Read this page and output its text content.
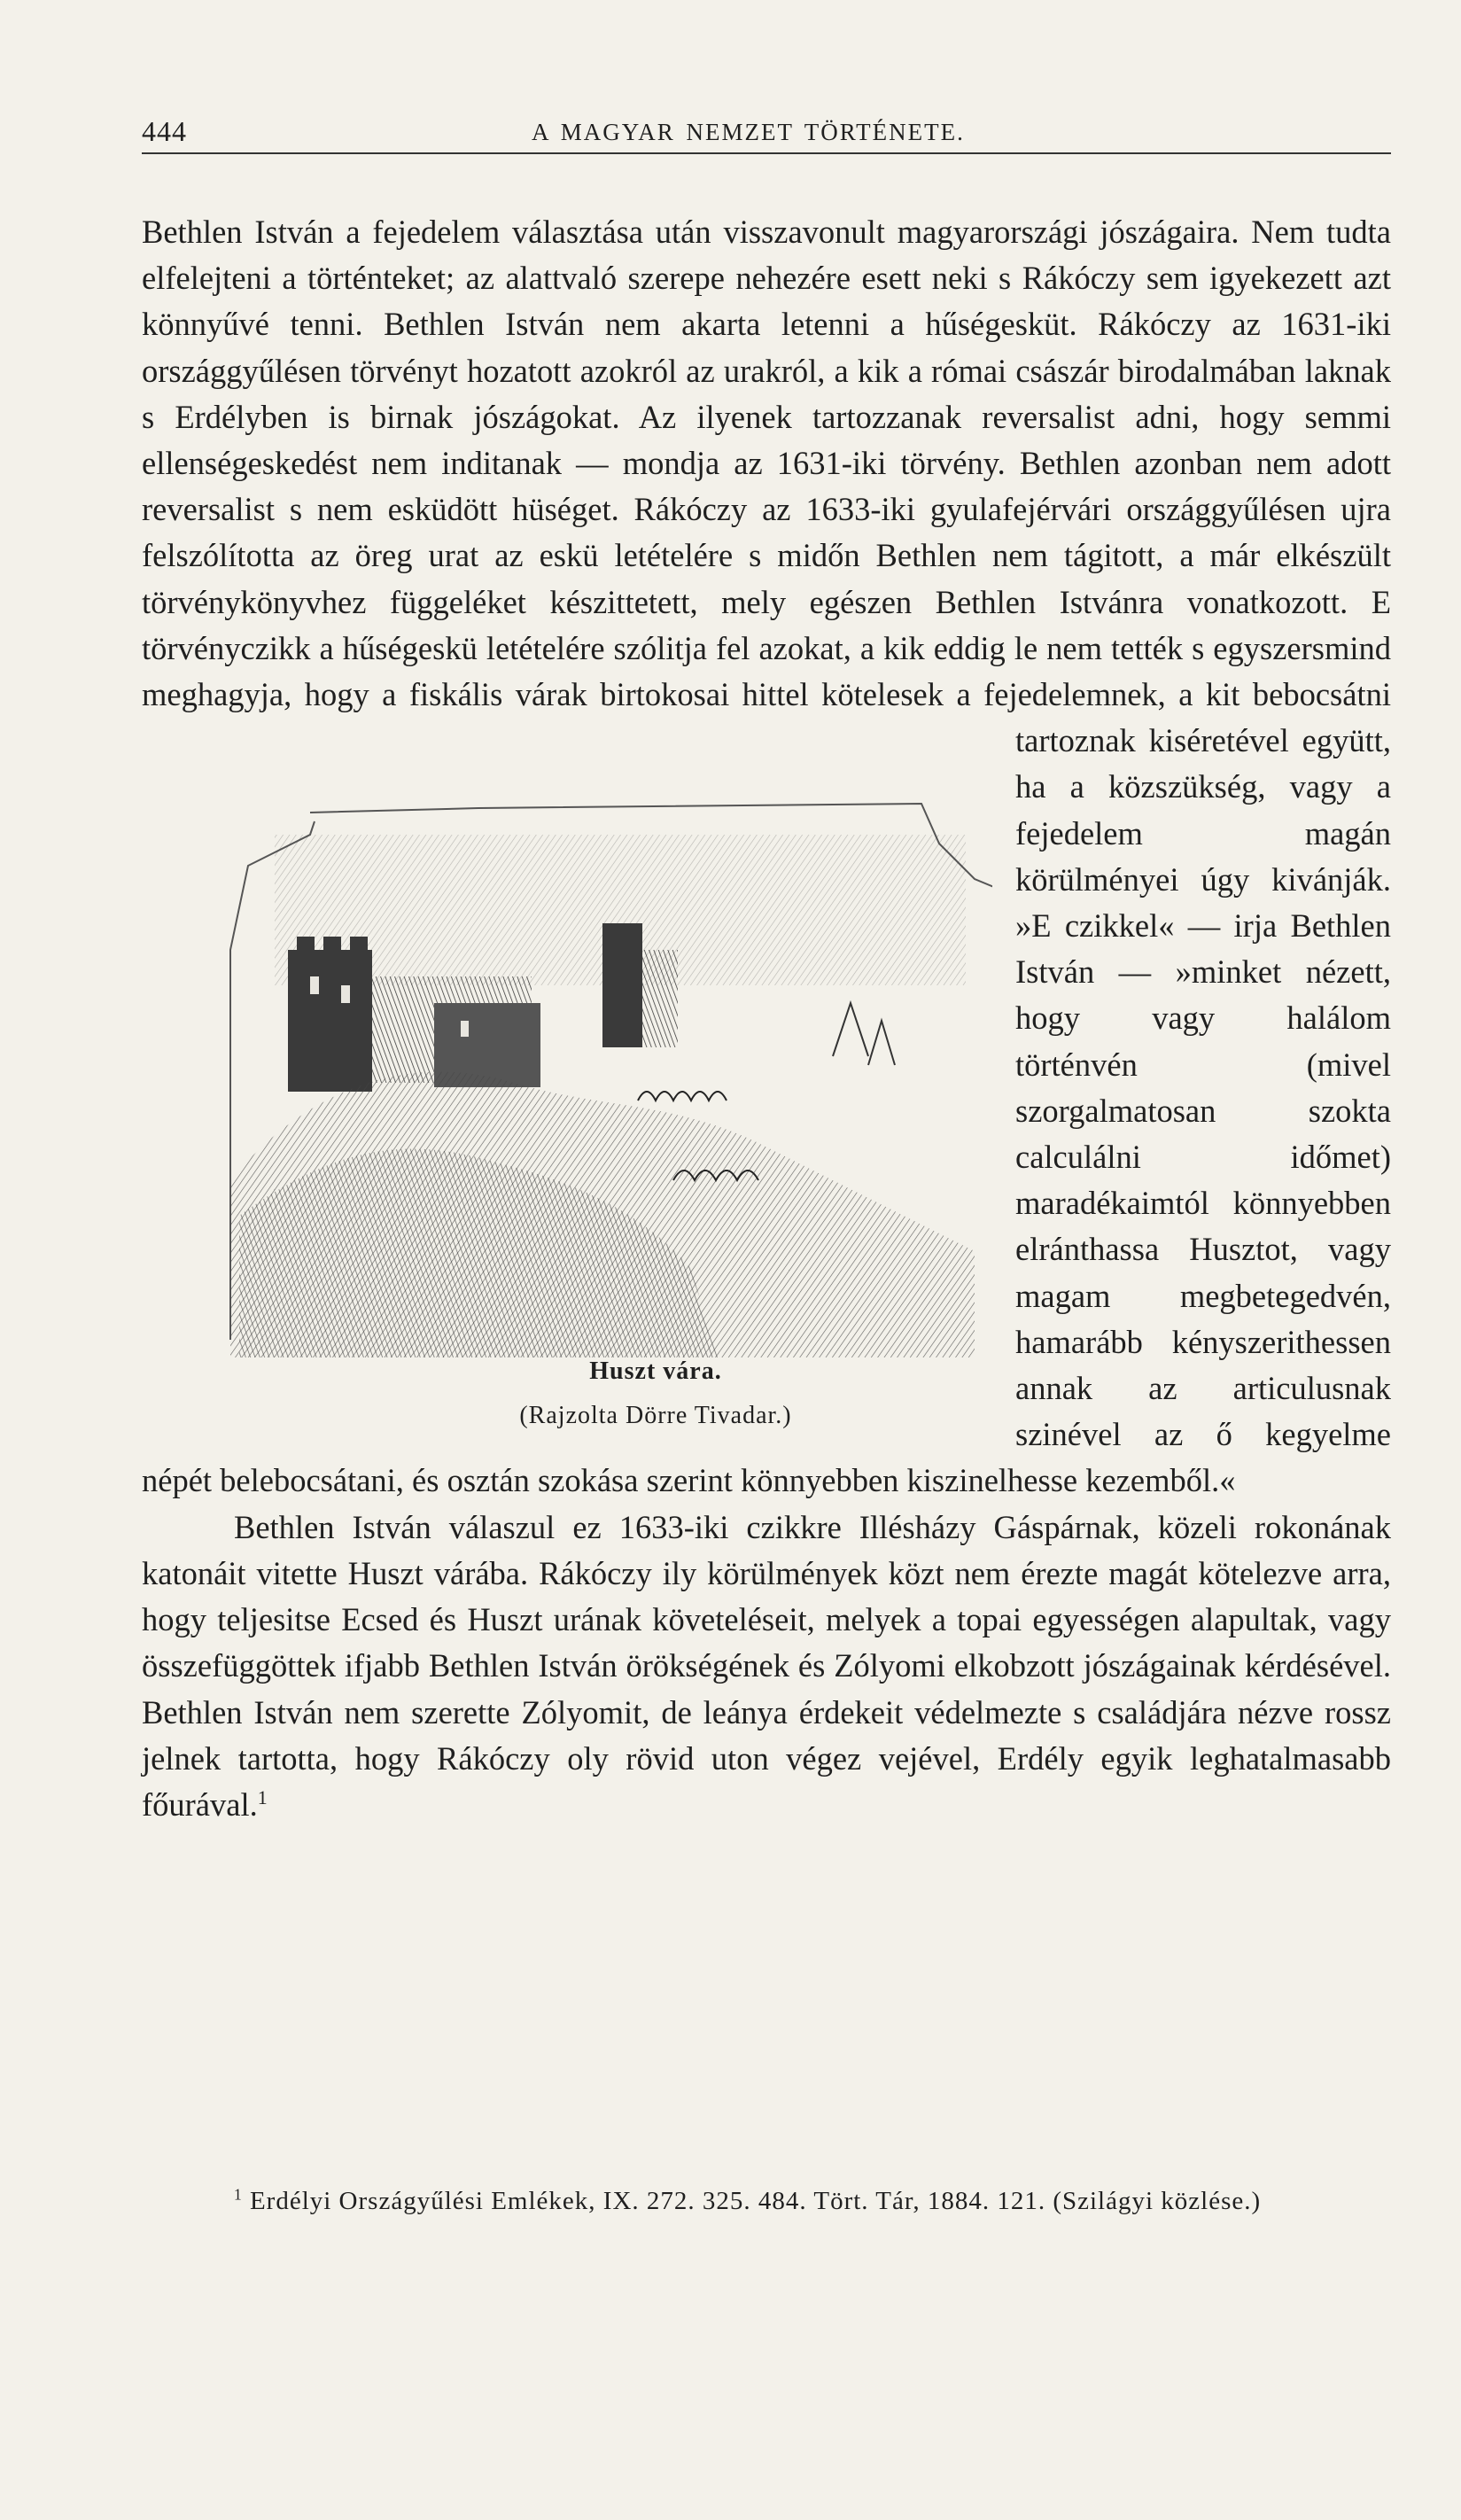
444	A MAGYAR NEMZET TÖRTÉNETE.

Bethlen István a fejedelem választása után visszavonult magyarországi jószágaira. Nem tudta elfelejteni a történteket; az alattvaló szerepe nehezére esett neki s Rákóczy sem igyekezett azt könnyűvé tenni. Bethlen István nem akarta letenni a hűségesküt. Rákóczy az 1631-iki országgyűlésen törvényt hozatott azokról az urakról, a kik a római császár birodalmában laknak s Erdélyben is birnak jószágokat. Az ilyenek tartozzanak reversalist adni, hogy semmi ellenségeskedést nem inditanak — mondja az 1631-iki törvény. Bethlen azonban nem adott reversalist s nem esküdött hüséget. Rákóczy az 1633-iki gyulafejérvári országgyűlésen ujra felszólította az öreg urat az eskü letételére s midőn Bethlen nem tágitott, a már elkészült törvénykönyvhez függeléket készittetett, mely egészen Bethlen Istvánra vonatkozott. E törvényczikk a hűségeskü letételére szólitja fel azokat, a kik eddig le nem tették s egyszersmind meghagyja, hogy a
Huszt vára.
(Rajzolta Dörre Tivadar.)
fiskális várak birtokosai hittel kötelesek a fejedelemnek, a kit bebocsátni tartoznak kiséretével együtt, ha a közszükség, vagy a fejedelem magán körülményei úgy kivánják. »E czikkel« — irja Bethlen István — »minket nézett, hogy vagy halálom történvén (mivel szorgalmatosan szokta calculálni időmet) maradékaimtól könnyebben elránthassa Husztot, vagy magam megbetegedvén, hamarább kényszerithessen annak az articulusnak szinével az ő kegyelme népét belebocsátani, és osztán szokása szerint könnyebben kiszinelhesse kezemből.«

Bethlen István válaszul ez 1633-iki czikkre Illésházy Gáspárnak, közeli rokonának katonáit vitette Huszt várába. Rákóczy ily körülmények közt nem érezte magát kötelezve arra, hogy teljesitse Ecsed és Huszt urának követeléseit, melyek a topai egyességen alapultak, vagy összefüggöttek ifjabb Bethlen István örökségének és Zólyomi elkobzott jószágainak kérdésével. Bethlen István nem szerette Zólyomit, de leánya érdekeit védelmezte s családjára nézve rossz jelnek tartotta, hogy Rákóczy oly rövid uton végez vejével, Erdély egyik leghatalmasabb főurával.$^1$

$^1$ Erdélyi Országyűlési Emlékek, IX. 272. 325. 484. Tört. Tár, 1884. 121. (Szilágyi közlése.)
